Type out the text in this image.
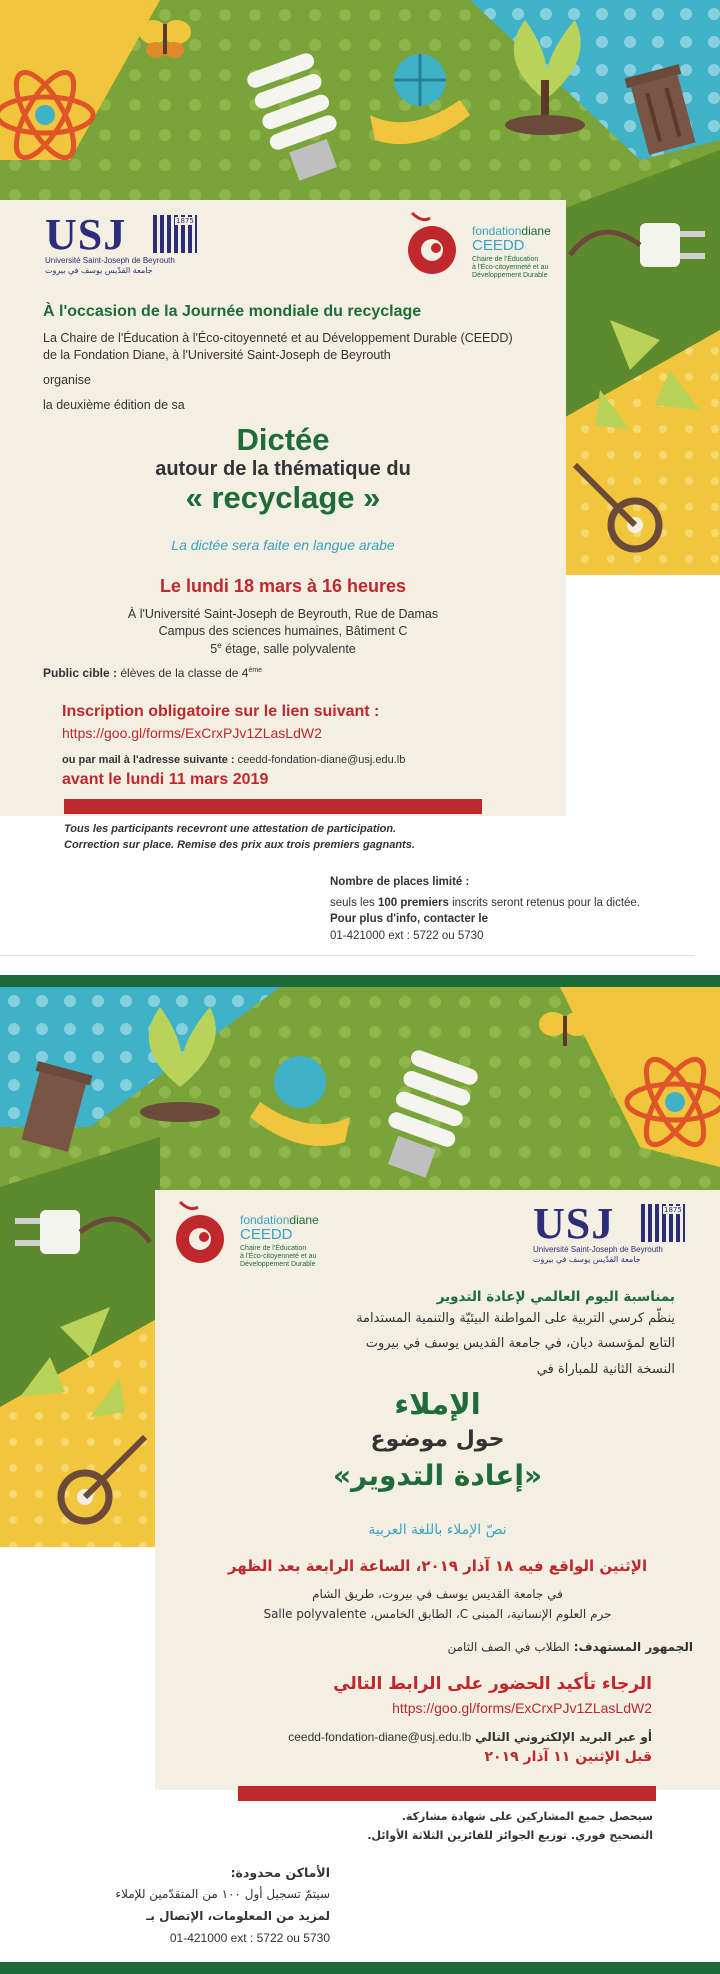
USJ	1875
Université Saint-Joseph de Beyrouth
جامعة القدّيس يوسف في بيروت
fondationdiane
CEEDD
Chaire de l'Éducation
à l'Éco-citoyenneté et au
Développement Durable
À l'occasion de la Journée mondiale du recyclage
La Chaire de l'Éducation à l'Éco-citoyenneté et au Développement Durable (CEEDD)
de la Fondation Diane, à l'Université Saint-Joseph de Beyrouth
organise
la deuxième édition de sa
Dictée
autour de la thématique du
« recyclage »
La dictée sera faite en langue arabe
Le lundi 18 mars à 16 heures
À l'Université Saint-Joseph de Beyrouth, Rue de Damas
Campus des sciences humaines, Bâtiment C
5e étage, salle polyvalente
Public cible : élèves de la classe de 4ème
Inscription obligatoire sur le lien suivant :
https://goo.gl/forms/ExCrxPJv1ZLasLdW2
ou par mail à l'adresse suivante : ceedd-fondation-diane@usj.edu.lb
avant le lundi 11 mars 2019
Tous les participants recevront une attestation de participation.
Correction sur place. Remise des prix aux trois premiers gagnants.
Nombre de places limité :
seuls les 100 premiers inscrits seront retenus pour la dictée.
Pour plus d'info, contacter le
01-421000 ext : 5722 ou 5730
fondationdiane
CEEDD
Chaire de l'Éducation
à l'Éco-citoyenneté et au
Développement Durable
USJ	1875
Université Saint-Joseph de Beyrouth
جامعة القدّيس يوسف في بيروت
بمناسبة اليوم العالمي لإعادة التدوير
ينظّم كرسي التربية على المواطنة البيئيّة والتنمية المستدامة
التابع لمؤسسة ديان، في جامعة القديس يوسف في بيروت
النسخة الثانية للمباراة في
الإملاء
حول موضوع
«إعادة التدوير»
نصّ الإملاء باللغة العربية
الإثنين الواقع فيه ١٨ آذار ٢٠١٩، الساعة الرابعة بعد الظهر
في جامعة القديس يوسف في بيروت، طريق الشام
حرم العلوم الإنسانية، المبنى C، الطابق الخامس، Salle polyvalente
الجمهور المستهدف: الطلاب في الصف الثامن
الرجاء تأكيد الحضور على الرابط التالي
https://goo.gl/forms/ExCrxPJv1ZLasLdW2
أو عبر البريد الإلكتروني التالي ceedd-fondation-diane@usj.edu.lb
قبل الإثنين ١١ آذار ٢٠١٩
سيحصل جميع المشاركين على شهادة مشاركة.
التصحيح فوري. توزيع الجوائز للفائزين الثلاثة الأوائل.
الأماكن محدودة:
سيتمّ تسجيل أول ١٠٠ من المتقدّمين للإملاء
لمزيد من المعلومات، الإتصال بـ
01-421000 ext : 5722 ou 5730
